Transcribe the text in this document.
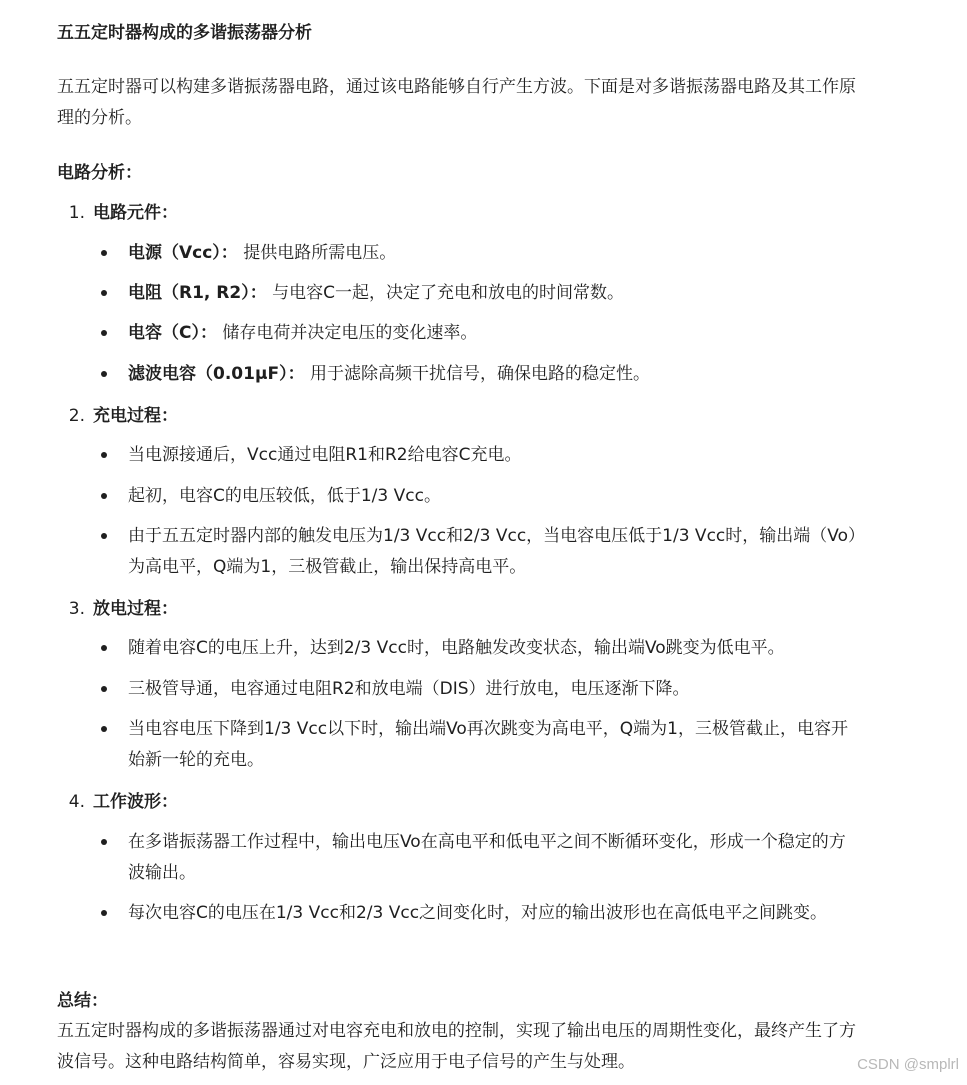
五五定时器构成的多谐振荡器分析
五五定时器可以构建多谐振荡器电路，通过该电路能够自行产生方波。下面是对多谐振荡器电路及其工作原理的分析。
电路分析：
1. 电路元件：
电源（Vcc）： 提供电路所需电压。
电阻（R1, R2）： 与电容C一起，决定了充电和放电的时间常数。
电容（C）： 储存电荷并决定电压的变化速率。
滤波电容（0.01μF）： 用于滤除高频干扰信号，确保电路的稳定性。
2. 充电过程：
当电源接通后，Vcc通过电阻R1和R2给电容C充电。
起初，电容C的电压较低，低于1/3 Vcc。
由于五五定时器内部的触发电压为1/3 Vcc和2/3 Vcc，当电容电压低于1/3 Vcc时，输出端（Vo）为高电平，Q端为1，三极管截止，输出保持高电平。
3. 放电过程：
随着电容C的电压上升，达到2/3 Vcc时，电路触发改变状态，输出端Vo跳变为低电平。
三极管导通，电容通过电阻R2和放电端（DIS）进行放电，电压逐渐下降。
当电容电压下降到1/3 Vcc以下时，输出端Vo再次跳变为高电平，Q端为1，三极管截止，电容开始新一轮的充电。
4. 工作波形：
在多谐振荡器工作过程中，输出电压Vo在高电平和低电平之间不断循环变化，形成一个稳定的方波输出。
每次电容C的电压在1/3 Vcc和2/3 Vcc之间变化时，对应的输出波形也在高低电平之间跳变。
总结：
五五定时器构成的多谐振荡器通过对电容充电和放电的控制，实现了输出电压的周期性变化，最终产生了方波信号。这种电路结构简单，容易实现，广泛应用于电子信号的产生与处理。	CSDN @smplrl
